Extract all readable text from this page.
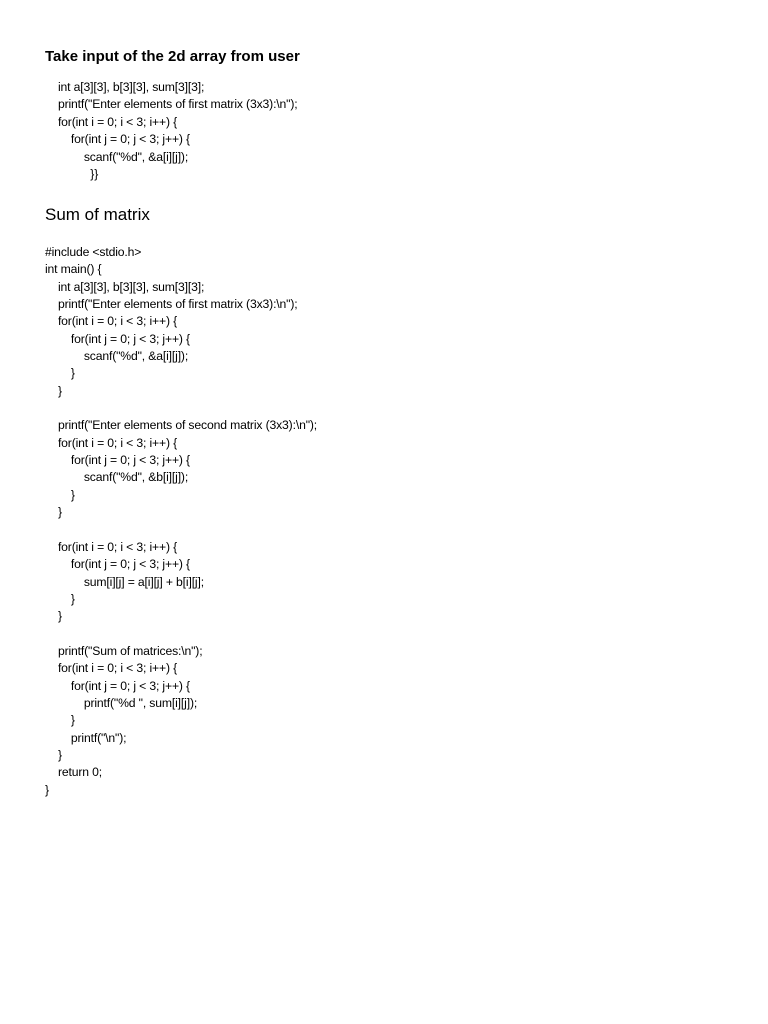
Take input of the 2d array from user
int a[3][3], b[3][3], sum[3][3];
printf("Enter elements of first matrix (3x3):\n");
for(int i = 0; i < 3; i++) {
for(int j = 0; j < 3; j++) {
scanf("%d", &a[i][j]);
}}
Sum of matrix
#include <stdio.h>
int main() {
int a[3][3], b[3][3], sum[3][3];
printf("Enter elements of first matrix (3x3):\n");
for(int i = 0; i < 3; i++) {
for(int j = 0; j < 3; j++) {
scanf("%d", &a[i][j]);
}
}
printf("Enter elements of second matrix (3x3):\n");
for(int i = 0; i < 3; i++) {
for(int j = 0; j < 3; j++) {
scanf("%d", &b[i][j]);
}
}
for(int i = 0; i < 3; i++) {
for(int j = 0; j < 3; j++) {
sum[i][j] = a[i][j] + b[i][j];
}
}
printf("Sum of matrices:\n");
for(int i = 0; i < 3; i++) {
for(int j = 0; j < 3; j++) {
printf("%d ", sum[i][j]);
}
printf("\n");
}
return 0;
}
